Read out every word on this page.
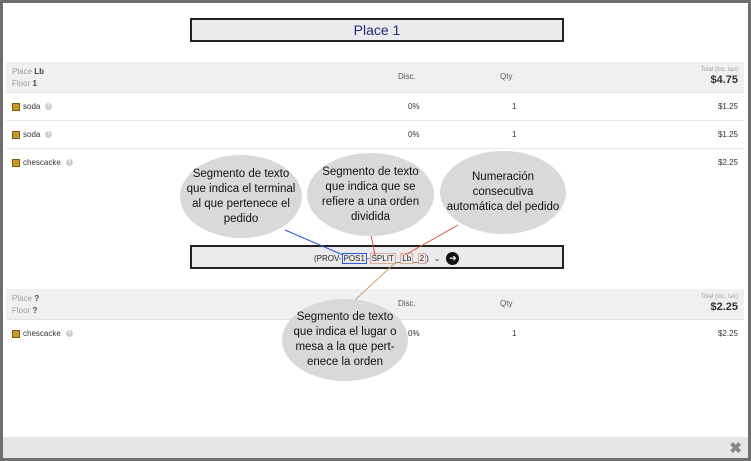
Place 1
Place Lb
Floor 1
Disc.	Qty
Total (inc. tax)
$4.75
soda	i	0%	1	$1.25
soda	i	0%	1	$1.25
chescacke	i	$2.25
(PROV- POS1 - SPLIT _ Lb _ 2 ) ⌄ ➔
Place ?
Floor ?
Disc.	Qty
Total (inc. tax)
$2.25
chescacke	i	0%	1	$2.25
Segmento de texto que indica el terminal al que pertenece el pedido
Segmento de texto que indica que se refiere a una orden dividida
Numeración consecutiva automática del pedido
Segmento de texto que indica el lugar o mesa a la que pert-enece la orden
✖
